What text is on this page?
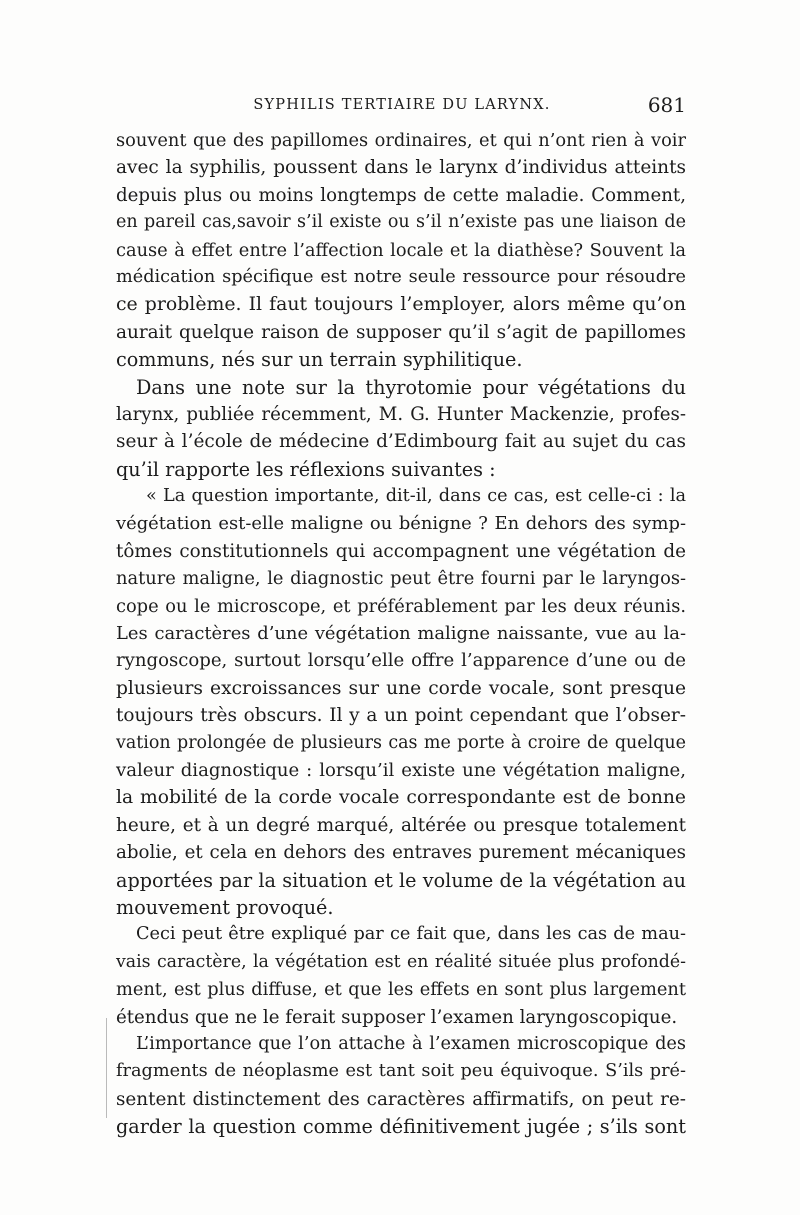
SYPHILIS TERTIAIRE DU LARYNX.	681
souvent que des papillomes ordinaires, et qui n’ont rien à voir
avec la syphilis, poussent dans le larynx d’individus atteints
depuis plus ou moins longtemps de cette maladie. Comment,
en pareil cas,savoir s’il existe ou s’il n’existe pas une liaison de
cause à effet entre l’affection locale et la diathèse? Souvent la
médication spécifique est notre seule ressource pour résoudre
ce problème. Il faut toujours l’employer, alors même qu’on
aurait quelque raison de supposer qu’il s’agit de papillomes
communs, nés sur un terrain syphilitique.
Dans une note sur la thyrotomie pour végétations du
larynx, publiée récemment, M. G. Hunter Mackenzie, profes-
seur à l’école de médecine d’Edimbourg fait au sujet du cas
qu’il rapporte les réflexions suivantes :
« La question importante, dit-il, dans ce cas, est celle-ci : la
végétation est-elle maligne ou bénigne ? En dehors des symp-
tômes constitutionnels qui accompagnent une végétation de
nature maligne, le diagnostic peut être fourni par le laryngos-
cope ou le microscope, et préférablement par les deux réunis.
Les caractères d’une végétation maligne naissante, vue au la-
ryngoscope, surtout lorsqu’elle offre l’apparence d’une ou de
plusieurs excroissances sur une corde vocale, sont presque
toujours très obscurs. Il y a un point cependant que l’obser-
vation prolongée de plusieurs cas me porte à croire de quelque
valeur diagnostique : lorsqu’il existe une végétation maligne,
la mobilité de la corde vocale correspondante est de bonne
heure, et à un degré marqué, altérée ou presque totalement
abolie, et cela en dehors des entraves purement mécaniques
apportées par la situation et le volume de la végétation au
mouvement provoqué.
Ceci peut être expliqué par ce fait que, dans les cas de mau-
vais caractère, la végétation est en réalité située plus profondé-
ment, est plus diffuse, et que les effets en sont plus largement
étendus que ne le ferait supposer l’examen laryngoscopique.
L’importance que l’on attache à l’examen microscopique des
fragments de néoplasme est tant soit peu équivoque. S’ils pré-
sentent distinctement des caractères affirmatifs, on peut re-
garder la question comme définitivement jugée ; s’ils sont
